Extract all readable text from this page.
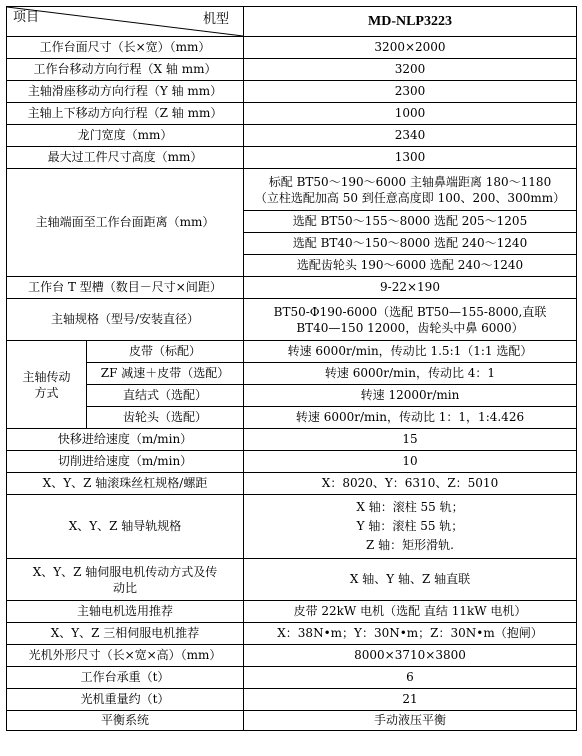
项目 机型		MD-NLP3223
工作台面尺寸（长×宽）（mm）		3200×2000
工作台移动方向行程（X 轴 mm）		3200
主轴滑座移动方向行程（Y 轴 mm）		2300
主轴上下移动方向行程（Z 轴 mm）		1000
龙门宽度（mm）		2340
最大过工件尺寸高度（mm）		1300
主轴端面至工作台面距离（mm）		标配 BT50～190～6000 主轴鼻端距离 180～1180
（立柱选配加高 50 到任意高度即 100、200、300mm）

		选配 BT50～155～8000 选配 205～1205
		选配 BT40～150～8000 选配 240～1240
		选配齿轮头 190～6000 选配 240～1240
工作台 T 型槽（数目－尺寸×间距）		9-22×190
主轴规格（型号/安装直径）		BT50-Φ190-6000（选配 BT50—155-8000,直联
BT40—150 12000，齿轮头中鼻 6000）

主轴传动
方式	皮带（标配）	转速 6000r/min，传动比 1.5:1（1:1 选配）
	ZF 减速＋皮带（选配）	转速 6000r/min，传动比 4：1
	直结式（选配）	转速 12000r/min
	齿轮头（选配）	转速 6000r/min，传动比 1：1，1:4.426
快移进给速度（m/min）		15
切削进给速度（m/min）		10
X、Y、Z 轴滚珠丝杠规格/螺距		X：8020、Y：6310、Z：5010
X、Y、Z 轴导轨规格		X 轴：滚柱 55 轨；
Y 轴：滚柱 55 轨；
Z 轴：矩形滑轨.

X、Y、Z 轴伺服电机传动方式及传
动比		X 轴、Y 轴、Z 轴直联
主轴电机选用推荐		皮带 22kW 电机（选配 直结 11kW 电机）
X、Y、Z 三相伺服电机推荐		X：38N•m；Y：30N•m；Z：30N•m（抱闸）
光机外形尺寸（长×宽×高）（mm）		8000×3710×3800
工作台承重（t）		6
光机重量约（t）		21
平衡系统		手动液压平衡
